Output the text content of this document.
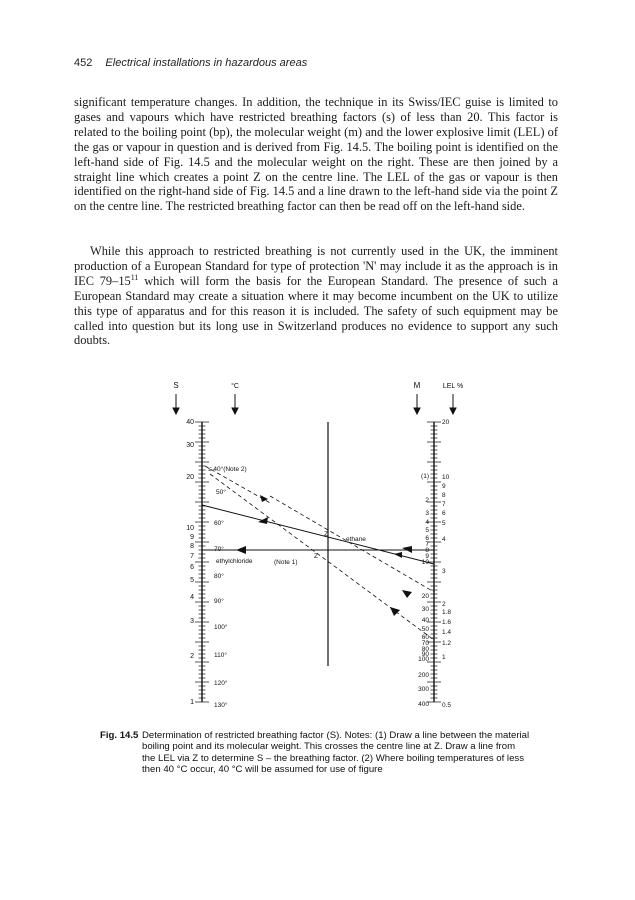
452 Electrical installations in hazardous areas

significant temperature changes. In addition, the technique in its Swiss/IEC guise is limited to gases and vapours which have restricted breathing factors (s) of less than 20. This factor is related to the boiling point (bp), the molecular weight (m) and the lower explosive limit (LEL) of the gas or vapour in question and is derived from Fig. 14.5. The boiling point is identified on the left-hand side of Fig. 14.5 and the molecular weight on the right. These are then joined by a straight line which creates a point Z on the centre line. The LEL of the gas or vapour is then identified on the right-hand side of Fig. 14.5 and a line drawn to the left-hand side via the point Z on the centre line. The restricted breathing factor can then be read off on the left-hand side.

While this approach to restricted breathing is not currently used in the UK, the imminent production of a European Standard for type of protection 'N' may include it as the approach is in IEC $79-15^{11}$ which will form the basis for the European Standard. The presence of such a European Standard may create a situation where it may become incumbent on the UK to utilize this type of apparatus and for this reason it is included. The safety of such equipment may be called into question but its long use in Switzerland produces no evidence to support any such doubts.

S	°C	M	LEL %
40
30
20
10
9
8
7
6
5
4
3
2
1
≤ 40°(Note 2)
50°
60°
70°
80°
90°
100°
110°
120°
130°
(1)
2
3
4
5
6
7
8
9
10
20
30
40
50
60
70
80
90
100
200
300
400
20
10
9
8
7
6
5
4
3
2
1.8
1.6
1.4
1.2
1
0.5
Z
ethane
Z
ethylchloride	(Note 1)
Fig. 14.5 Determination of restricted breathing factor (S). Notes: (1) Draw a line between the material boiling point and its molecular weight. This crosses the centre line at Z. Draw a line from the LEL via Z to determine S – the breathing factor. (2) Where boiling temperatures of less then 40 °C occur, 40 °C will be assumed for use of figure
